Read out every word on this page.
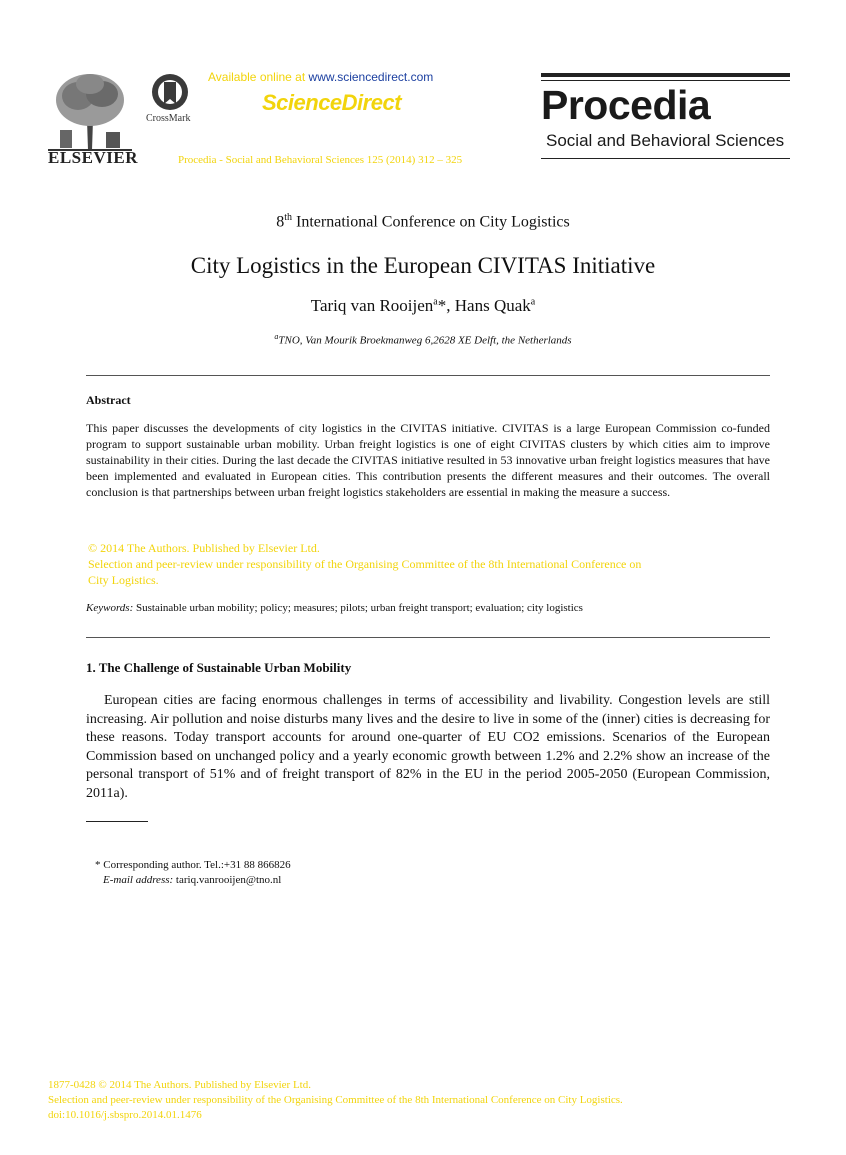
ELSEVIER
CrossMark
Available online at www.sciencedirect.com
ScienceDirect
Procedia - Social and Behavioral Sciences 125 (2014) 312 – 325
Procedia
Social and Behavioral Sciences
8th International Conference on City Logistics
City Logistics in the European CIVITAS Initiative
Tariq van Rooijen$^a$*, Hans Quak$^a$
$^a$TNO, Van Mourik Broekmanweg 6,2628 XE Delft, the Netherlands
Abstract
This paper discusses the developments of city logistics in the CIVITAS initiative. CIVITAS is a large European Commission co-funded program to support sustainable urban mobility. Urban freight logistics is one of eight CIVITAS clusters by which cities aim to improve sustainability in their cities. During the last decade the CIVITAS initiative resulted in 53 innovative urban freight logistics measures that have been implemented and evaluated in European cities. This contribution presents the different measures and their outcomes. The overall conclusion is that partnerships between urban freight logistics stakeholders are essential in making the measure a success.
© 2014 The Authors. Published by Elsevier Ltd.
Selection and peer-review under responsibility of the Organising Committee of the 8th International Conference on
City Logistics.
Keywords: Sustainable urban mobility; policy; measures; pilots; urban freight transport; evaluation; city logistics
1. The Challenge of Sustainable Urban Mobility
European cities are facing enormous challenges in terms of accessibility and livability. Congestion levels are still increasing. Air pollution and noise disturbs many lives and the desire to live in some of the (inner) cities is decreasing for these reasons. Today transport accounts for around one-quarter of EU CO2 emissions. Scenarios of the European Commission based on unchanged policy and a yearly economic growth between 1.2% and 2.2% show an increase of the personal transport of 51% and of freight transport of 82% in the EU in the period 2005-2050 (European Commission, 2011a).
* Corresponding author. Tel.:+31 88 866826
E-mail address: tariq.vanrooijen@tno.nl
1877-0428 © 2014 The Authors. Published by Elsevier Ltd.
Selection and peer-review under responsibility of the Organising Committee of the 8th International Conference on City Logistics.
doi:10.1016/j.sbspro.2014.01.1476
